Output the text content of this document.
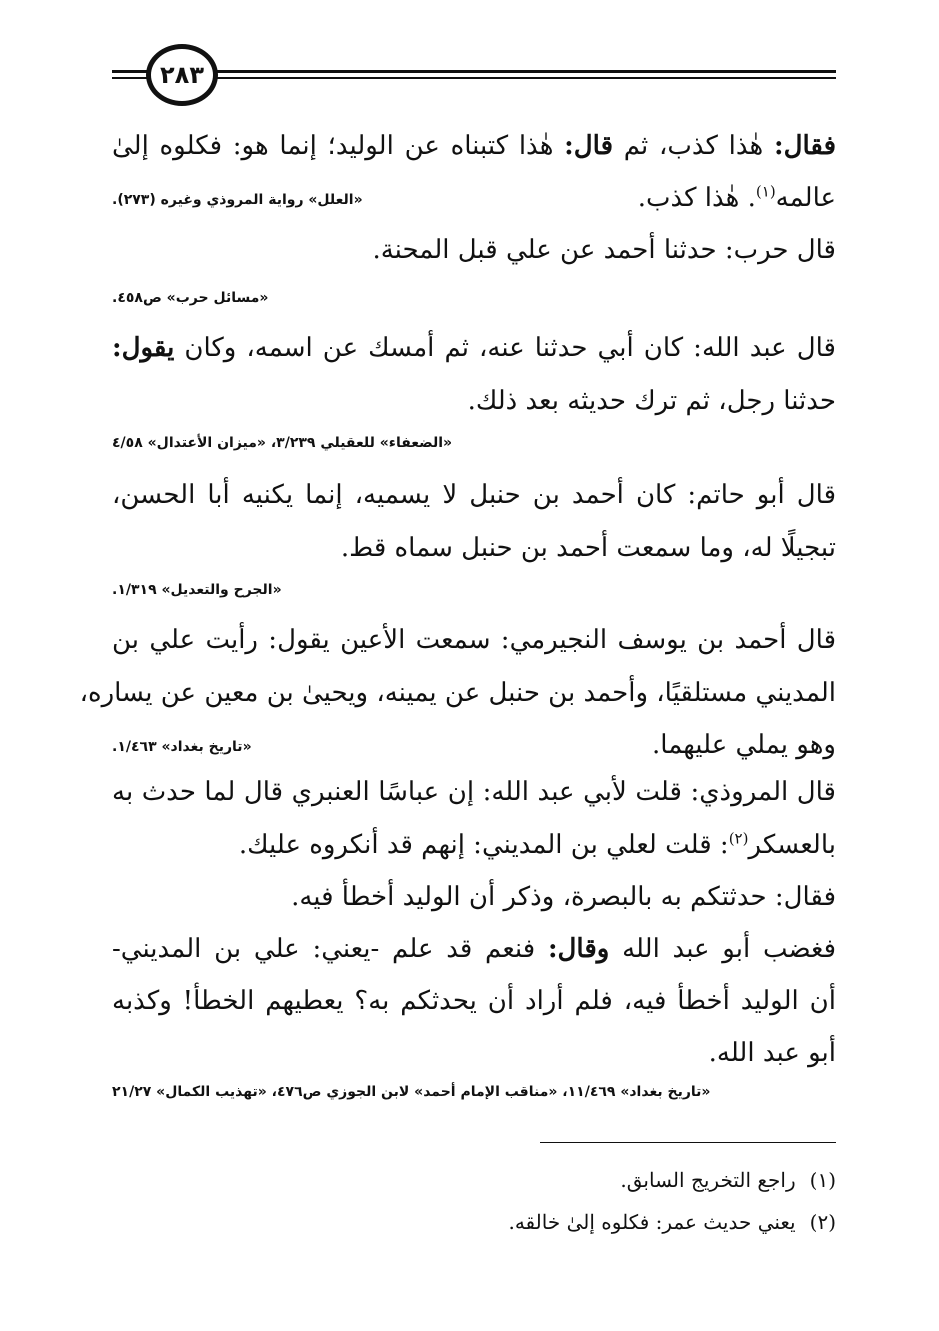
٢٨٣
فقال: هٰذا كذب، ثم قال: هٰذا كتبناه عن الوليد؛ إنما هو: فكلوه إلىٰ
عالمه$^{(١)}$. هٰذا كذب.
«العلل» رواية المروذي وغيره (٢٧٣).
قال حرب: حدثنا أحمد عن علي قبل المحنة.
«مسائل حرب» ص٤٥٨.
قال عبد الله: كان أبي حدثنا عنه، ثم أمسك عن اسمه، وكان يقول:
حدثنا رجل، ثم ترك حديثه بعد ذلك.
«الضعفاء» للعقيلي ٣/٢٣٩، «ميزان الأعتدال» ٤/٥٨
قال أبو حاتم: كان أحمد بن حنبل لا يسميه، إنما يكنيه أبا الحسن،
تبجيلًا له، وما سمعت أحمد بن حنبل سماه قط.
«الجرح والتعديل» ١/٣١٩.
قال أحمد بن يوسف النجيرمي: سمعت الأعين يقول: رأيت علي بن
المديني مستلقيًا، وأحمد بن حنبل عن يمينه، ويحيىٰ بن معين عن يساره،
وهو يملي عليهما.
«تاريخ بغداد» ١/٤٦٣.
قال المروذي: قلت لأبي عبد الله: إن عباسًا العنبري قال لما حدث به
بالعسكر$^{(٢)}$: قلت لعلي بن المديني: إنهم قد أنكروه عليك.
فقال: حدثتكم به بالبصرة، وذكر أن الوليد أخطأ فيه.
فغضب أبو عبد الله وقال: فنعم قد علم -يعني: علي بن المديني-
أن الوليد أخطأ فيه، فلم أراد أن يحدثكم به؟ يعطيهم الخطأ! وكذبه
أبو عبد الله.
«تاريخ بغداد» ١١/٤٦٩، «مناقب الإمام أحمد» لابن الجوزي ص٤٧٦، «تهذيب الكمال» ٢١/٢٧
(١)راجع التخريج السابق.
(٢)يعني حديث عمر: فكلوه إلىٰ خالقه.
